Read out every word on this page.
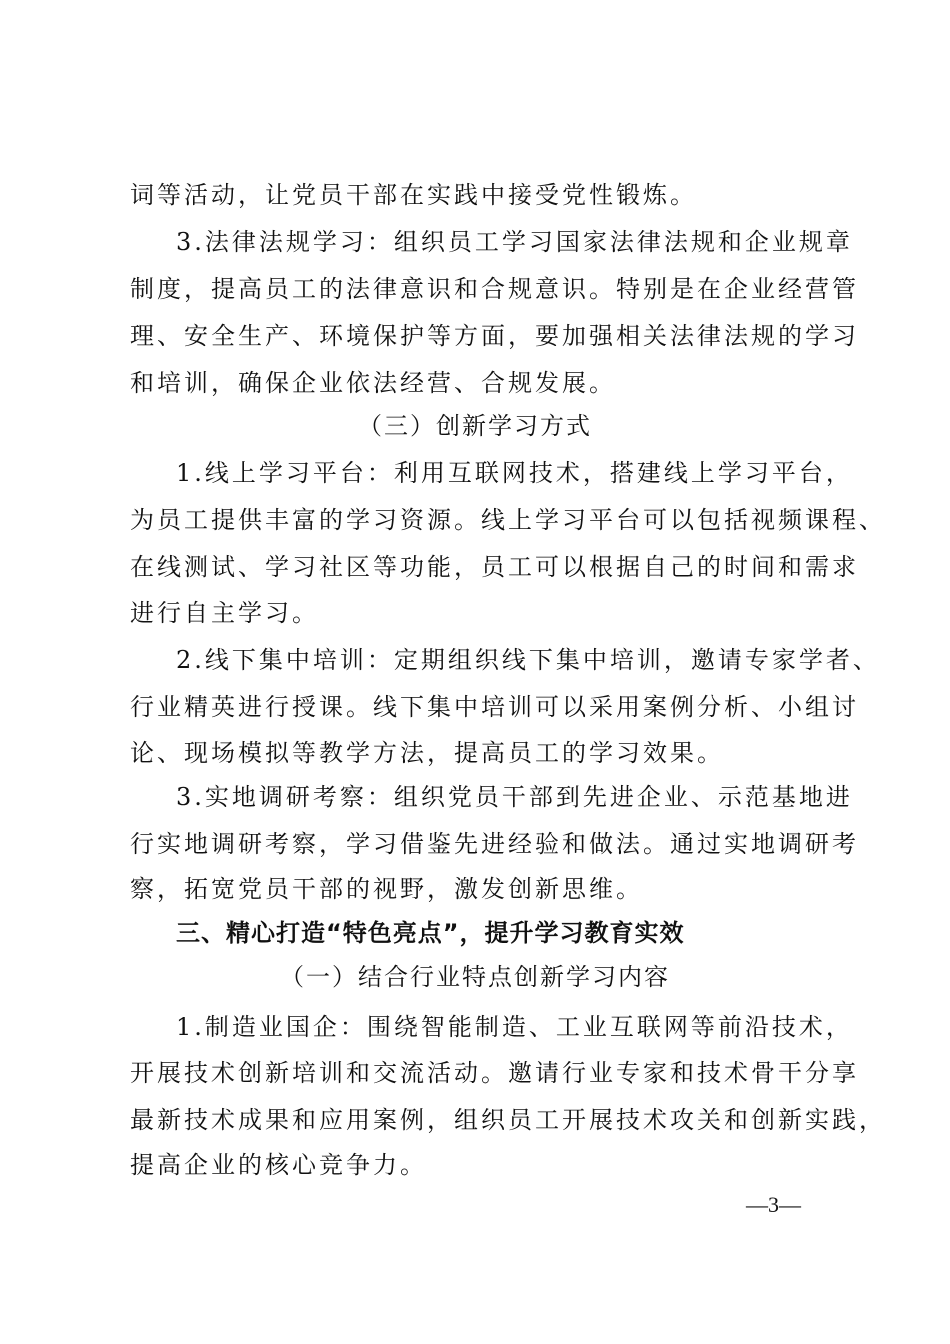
词等活动，让党员干部在实践中接受党性锻炼。
3.法律法规学习：组织员工学习国家法律法规和企业规章
制度，提高员工的法律意识和合规意识。特别是在企业经营管
理、安全生产、环境保护等方面，要加强相关法律法规的学习
和培训，确保企业依法经营、合规发展。
（三）创新学习方式
1.线上学习平台：利用互联网技术，搭建线上学习平台，
为员工提供丰富的学习资源。线上学习平台可以包括视频课程、
在线测试、学习社区等功能，员工可以根据自己的时间和需求
进行自主学习。
2.线下集中培训：定期组织线下集中培训，邀请专家学者、
行业精英进行授课。线下集中培训可以采用案例分析、小组讨
论、现场模拟等教学方法，提高员工的学习效果。
3.实地调研考察：组织党员干部到先进企业、示范基地进
行实地调研考察，学习借鉴先进经验和做法。通过实地调研考
察，拓宽党员干部的视野，激发创新思维。
三、精心打造“特色亮点”，提升学习教育实效
（一）结合行业特点创新学习内容
1.制造业国企：围绕智能制造、工业互联网等前沿技术，
开展技术创新培训和交流活动。邀请行业专家和技术骨干分享
最新技术成果和应用案例，组织员工开展技术攻关和创新实践，
提高企业的核心竞争力。
—3—
